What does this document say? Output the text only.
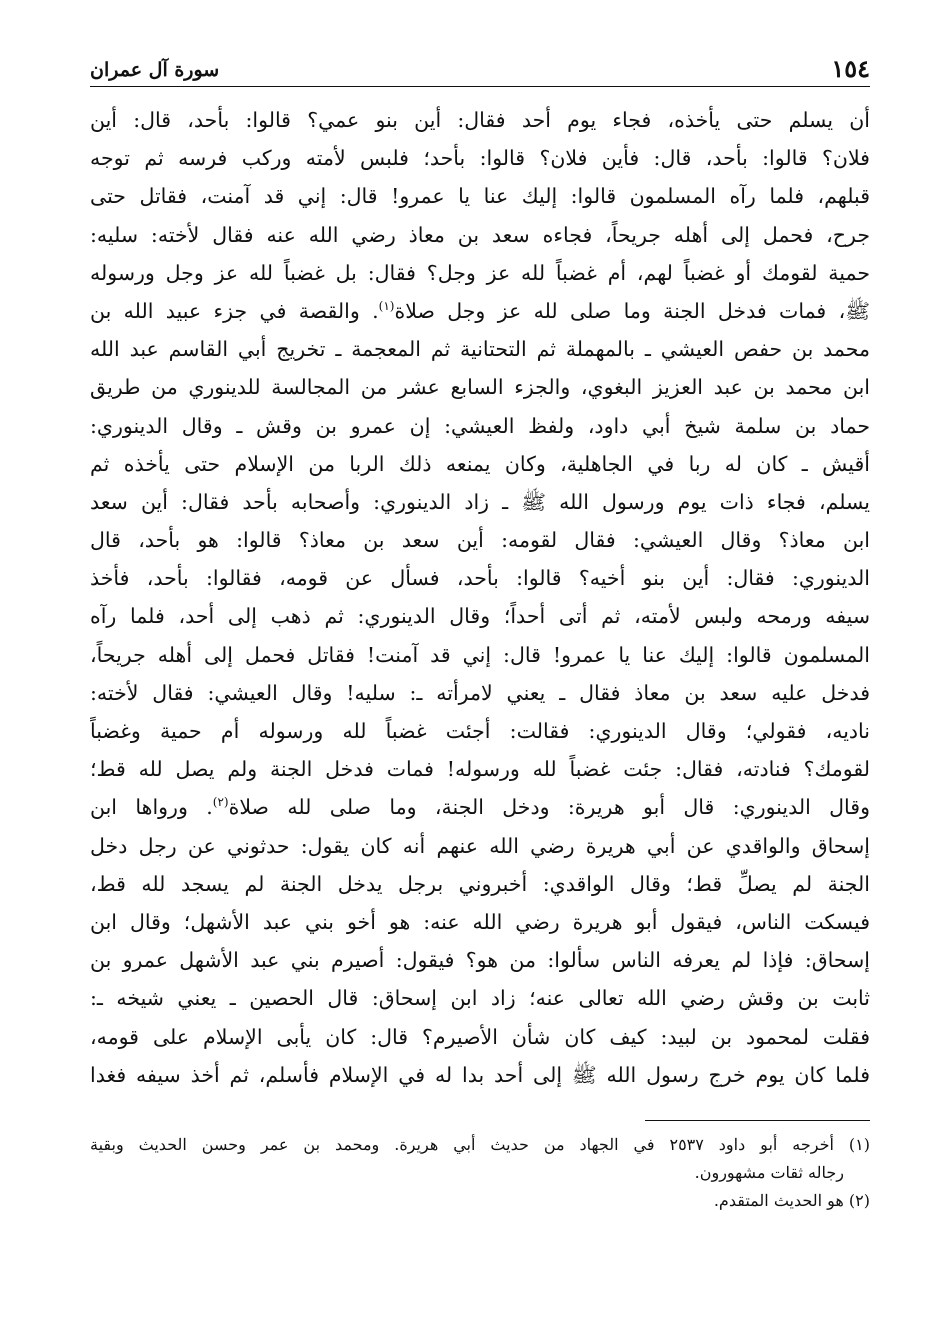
١٥٤
سورة آل عمران
أن يسلم حتى يأخذه، فجاء يوم أحد فقال: أين بنو عمي؟ قالوا: بأحد، قال: أين
فلان؟ قالوا: بأحد، قال: فأين فلان؟ قالوا: بأحد؛ فلبس لأمته وركب فرسه ثم توجه
قبلهم، فلما رآه المسلمون قالوا: إليك عنا يا عمرو! قال: إني قد آمنت، فقاتل حتى
جرح، فحمل إلى أهله جريحاً، فجاءه سعد بن معاذ رضي الله عنه فقال لأخته: سليه:
حمية لقومك أو غضباً لهم، أم غضباً لله عز وجل؟ فقال: بل غضباً لله عز وجل ورسوله
ﷺ، فمات فدخل الجنة وما صلى لله عز وجل صلاة$^{(١)}$. والقصة في جزء عبيد الله بن
محمد بن حفص العيشي ـ بالمهملة ثم التحتانية ثم المعجمة ـ تخريج أبي القاسم عبد الله
ابن محمد بن عبد العزيز البغوي، والجزء السابع عشر من المجالسة للدينوري من طريق
حماد بن سلمة شيخ أبي داود، ولفظ العيشي: إن عمرو بن وقش ـ وقال الدينوري:
أقيش ـ كان له ربا في الجاهلية، وكان يمنعه ذلك الربا من الإسلام حتى يأخذه ثم
يسلم، فجاء ذات يوم ورسول الله ﷺ ـ زاد الدينوري: وأصحابه بأحد فقال: أين سعد
ابن معاذ؟ وقال العيشي: فقال لقومه: أين سعد بن معاذ؟ قالوا: هو بأحد، قال
الدينوري: فقال: أين بنو أخيه؟ قالوا: بأحد، فسأل عن قومه، فقالوا: بأحد، فأخذ
سيفه ورمحه ولبس لأمته، ثم أتى أحداً؛ وقال الدينوري: ثم ذهب إلى أحد، فلما رآه
المسلمون قالوا: إليك عنا يا عمرو! قال: إني قد آمنت! فقاتل فحمل إلى أهله جريحاً،
فدخل عليه سعد بن معاذ فقال ـ يعني لامرأته ـ: سليه! وقال العيشي: فقال لأخته:
ناديه، فقولي؛ وقال الدينوري: فقالت: أجئت غضباً لله ورسوله أم حمية وغضباً
لقومك؟ فنادته، فقال: جئت غضباً لله ورسوله! فمات فدخل الجنة ولم يصل لله قط؛
وقال الدينوري: قال أبو هريرة: ودخل الجنة، وما صلى لله صلاة$^{(٢)}$. ورواها ابن
إسحاق والواقدي عن أبي هريرة رضي الله عنهم أنه كان يقول: حدثوني عن رجل دخل
الجنة لم يصلِّ قط؛ وقال الواقدي: أخبروني برجل يدخل الجنة لم يسجد لله قط،
فيسكت الناس، فيقول أبو هريرة رضي الله عنه: هو أخو بني عبد الأشهل؛ وقال ابن
إسحاق: فإذا لم يعرفه الناس سألوا: من هو؟ فيقول: أصيرم بني عبد الأشهل عمرو بن
ثابت بن وقش رضي الله تعالى عنه؛ زاد ابن إسحاق: قال الحصين ـ يعني شيخه ـ:
فقلت لمحمود بن لبيد: كيف كان شأن الأصيرم؟ قال: كان يأبى الإسلام على قومه،
فلما كان يوم خرج رسول الله ﷺ إلى أحد بدا له في الإسلام فأسلم، ثم أخذ سيفه فغدا
(١) أخرجه أبو داود ٢٥٣٧ في الجهاد من حديث أبي هريرة. ومحمد بن عمر وحسن الحديث وبقية
رجاله ثقات مشهورون.
(٢) هو الحديث المتقدم.
